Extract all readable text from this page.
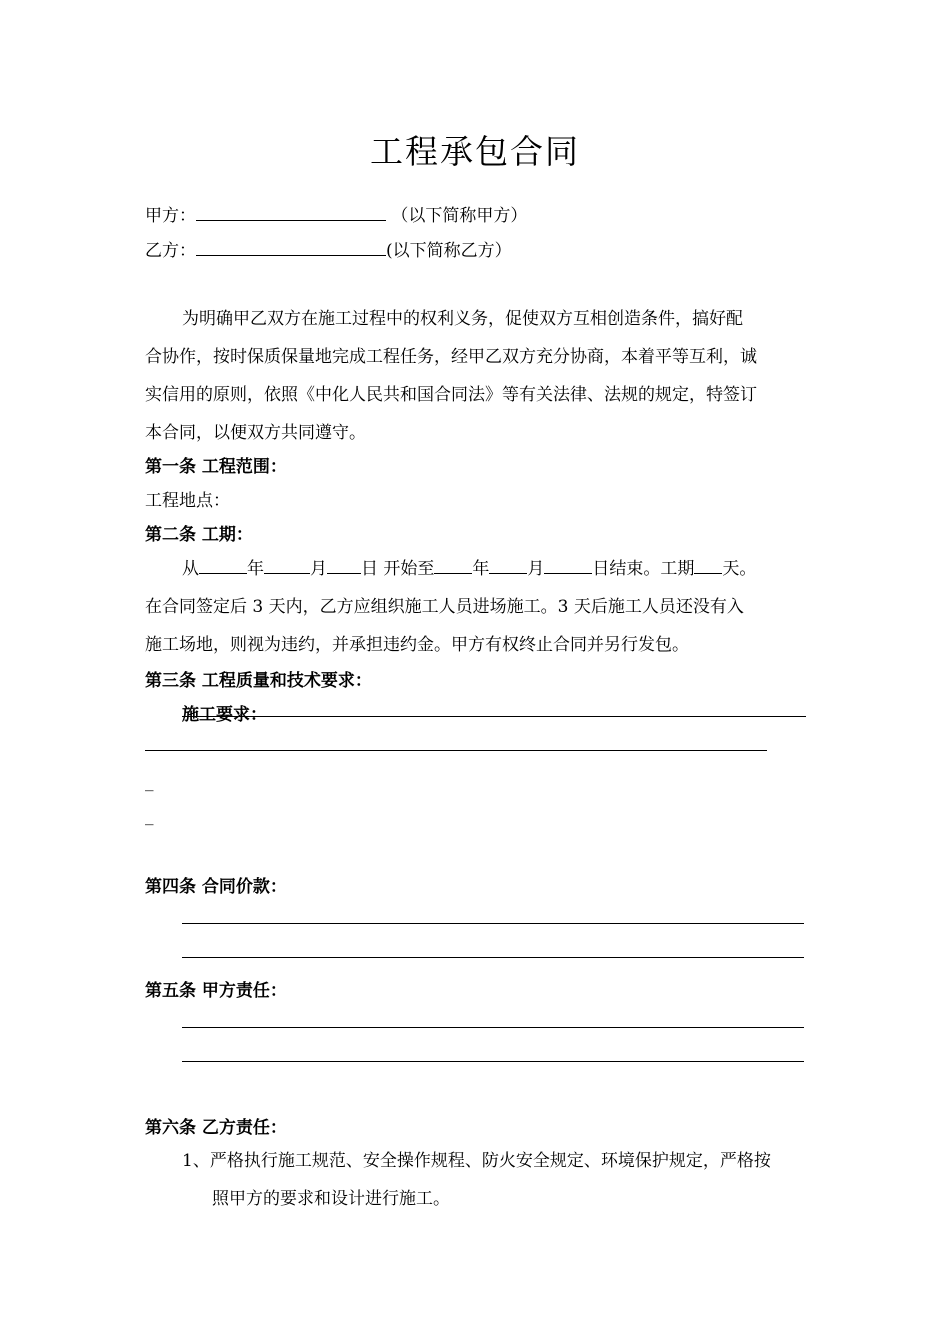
工程承包合同
甲方：	（以下简称甲方）
乙方：	(以下简称乙方）
为明确甲乙双方在施工过程中的权利义务，促使双方互相创造条件，搞好配
合协作，按时保质保量地完成工程任务，经甲乙双方充分协商，本着平等互利，诚
实信用的原则，依照《中化人民共和国合同法》等有关法律、法规的规定，特签订
本合同，以便双方共同遵守。
第一条 工程范围：
工程地点：
第二条 工期：
从	年	月 日 开始至 年 月	日结束。工期 天。
在合同签定后 3 天内，乙方应组织施工人员进场施工。3 天后施工人员还没有入
施工场地，则视为违约，并承担违约金。甲方有权终止合同并另行发包。
第三条 工程质量和技术要求：
施工要求：
_
_
第四条 合同价款：
第五条 甲方责任：
第六条 乙方责任：
1、严格执行施工规范、安全操作规程、防火安全规定、环境保护规定，严格按
照甲方的要求和设计进行施工。
